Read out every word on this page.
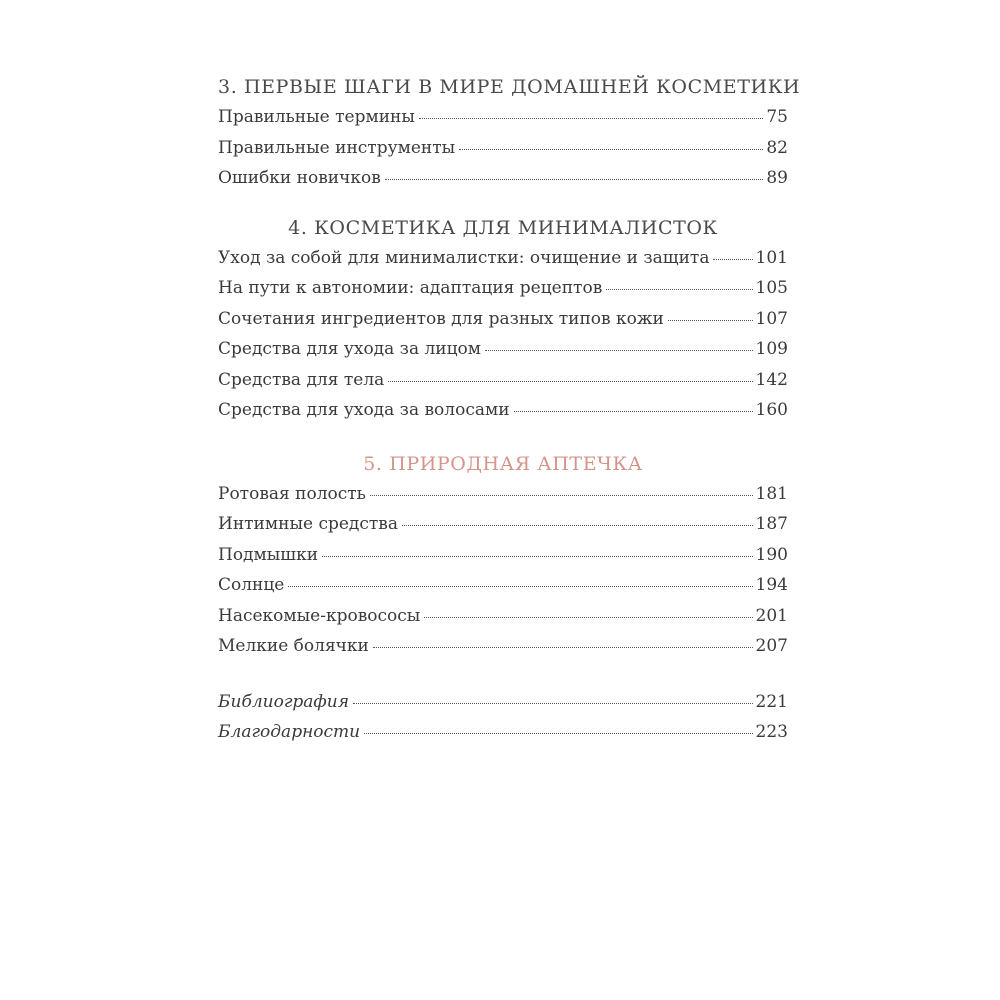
3. ПЕРВЫЕ ШАГИ В МИРЕ ДОМАШНЕЙ КОСМЕТИКИ
Правильные термины	75
Правильные инструменты	82
Ошибки новичков	89
4. КОСМЕТИКА ДЛЯ МИНИМАЛИСТОК
Уход за собой для минималистки: очищение и защита	101
На пути к автономии: адаптация рецептов	105
Сочетания ингредиентов для разных типов кожи	107
Средства для ухода за лицом	109
Средства для тела	142
Средства для ухода за волосами	160
5. ПРИРОДНАЯ АПТЕЧКА
Ротовая полость	181
Интимные средства	187
Подмышки	190
Солнце	194
Насекомые-кровососы	201
Мелкие болячки	207
Библиография	221
Благодарности	223
